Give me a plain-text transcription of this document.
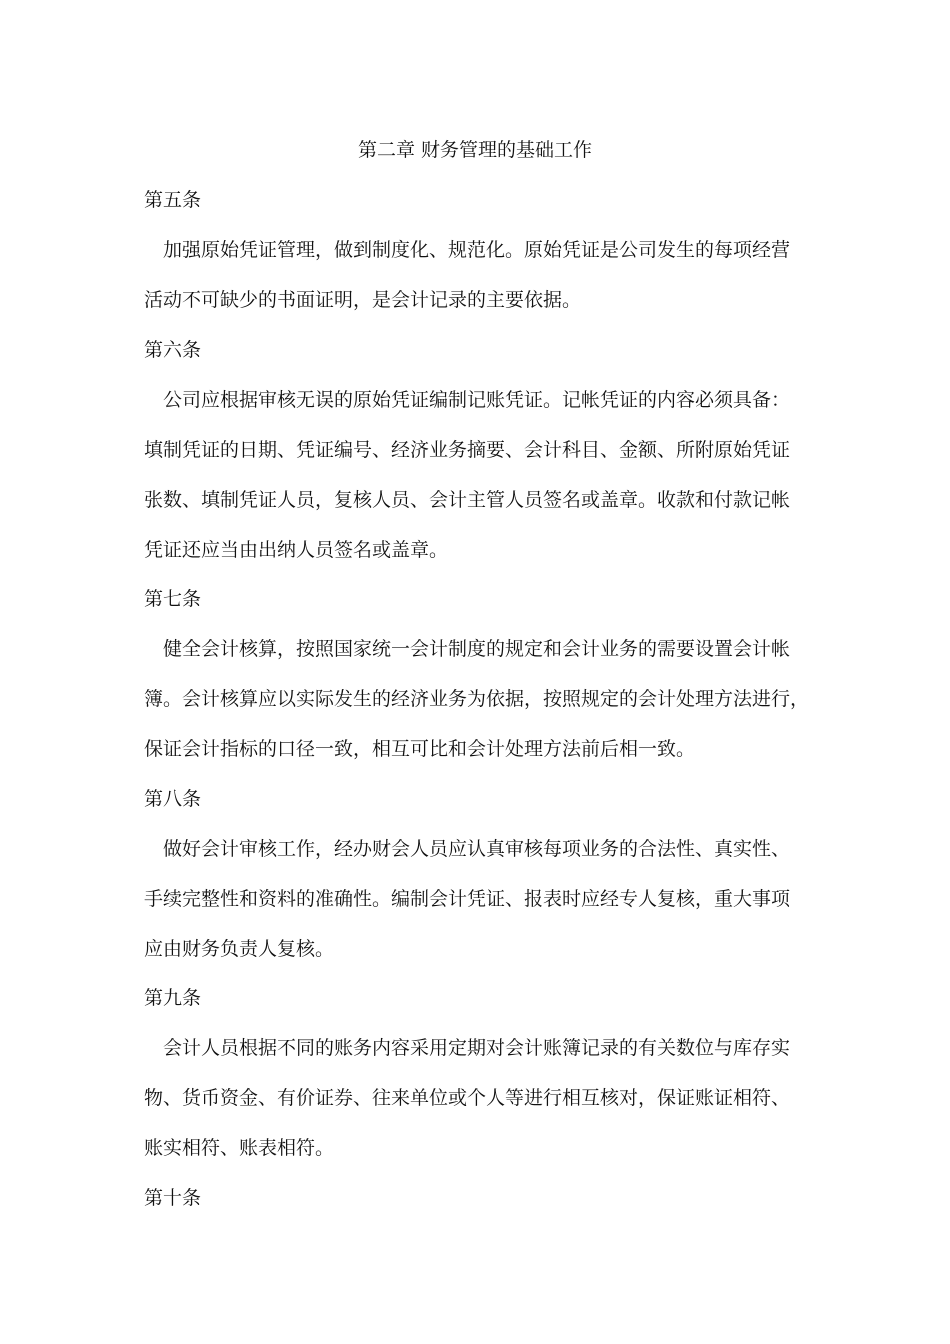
第二章 财务管理的基础工作
第五条
加强原始凭证管理，做到制度化、规范化。原始凭证是公司发生的每项经营
活动不可缺少的书面证明，是会计记录的主要依据。
第六条
公司应根据审核无误的原始凭证编制记账凭证。记帐凭证的内容必须具备：
填制凭证的日期、凭证编号、经济业务摘要、会计科目、金额、所附原始凭证
张数、填制凭证人员，复核人员、会计主管人员签名或盖章。收款和付款记帐
凭证还应当由出纳人员签名或盖章。
第七条
健全会计核算，按照国家统一会计制度的规定和会计业务的需要设置会计帐
簿。会计核算应以实际发生的经济业务为依据，按照规定的会计处理方法进行，
保证会计指标的口径一致，相互可比和会计处理方法前后相一致。
第八条
做好会计审核工作，经办财会人员应认真审核每项业务的合法性、真实性、
手续完整性和资料的准确性。编制会计凭证、报表时应经专人复核，重大事项
应由财务负责人复核。
第九条
会计人员根据不同的账务内容采用定期对会计账簿记录的有关数位与库存实
物、货币资金、有价证券、往来单位或个人等进行相互核对，保证账证相符、
账实相符、账表相符。
第十条
